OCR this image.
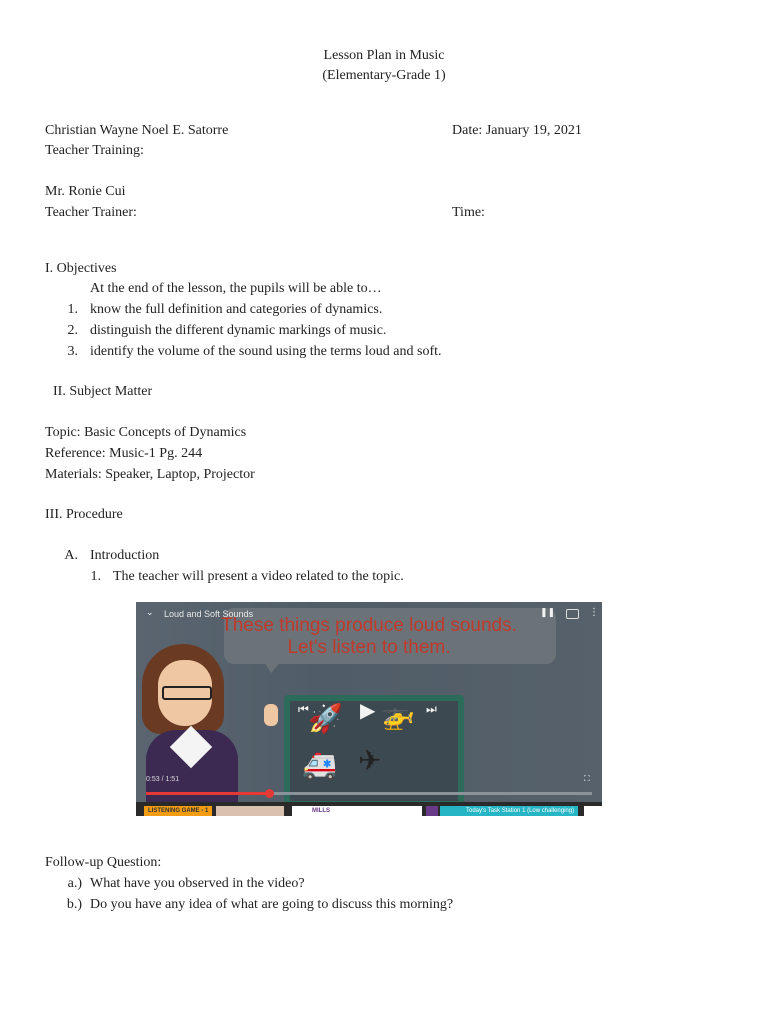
Lesson Plan in Music
(Elementary-Grade 1)
Christian Wayne Noel E. Satorre	Date: January 19, 2021
Teacher Training:
Mr. Ronie Cui
Teacher Trainer:	Time:
I. Objectives
At the end of the lesson, the pupils will be able to…
1. know the full definition and categories of dynamics.
2. distinguish the different dynamic markings of music.
3. identify the volume of the sound using the terms loud and soft.
II. Subject Matter
Topic: Basic Concepts of Dynamics
Reference: Music-1 Pg. 244
Materials: Speaker, Laptop, Projector
III. Procedure
A. Introduction
1. The teacher will present a video related to the topic.
These things produce loud sounds.
Let's listen to them.
⌄ Loud and Soft Sounds	❚❚	⋮
🚀 🚁
🚑 ✈
⏮	▶	⏭
0:53 / 1:51	⛶
LISTENING GAME - 1	MILLS	Today's Task Station 1 (Low challenging)
Follow-up Question:
a.) What have you observed in the video?
b.) Do you have any idea of what are going to discuss this morning?
